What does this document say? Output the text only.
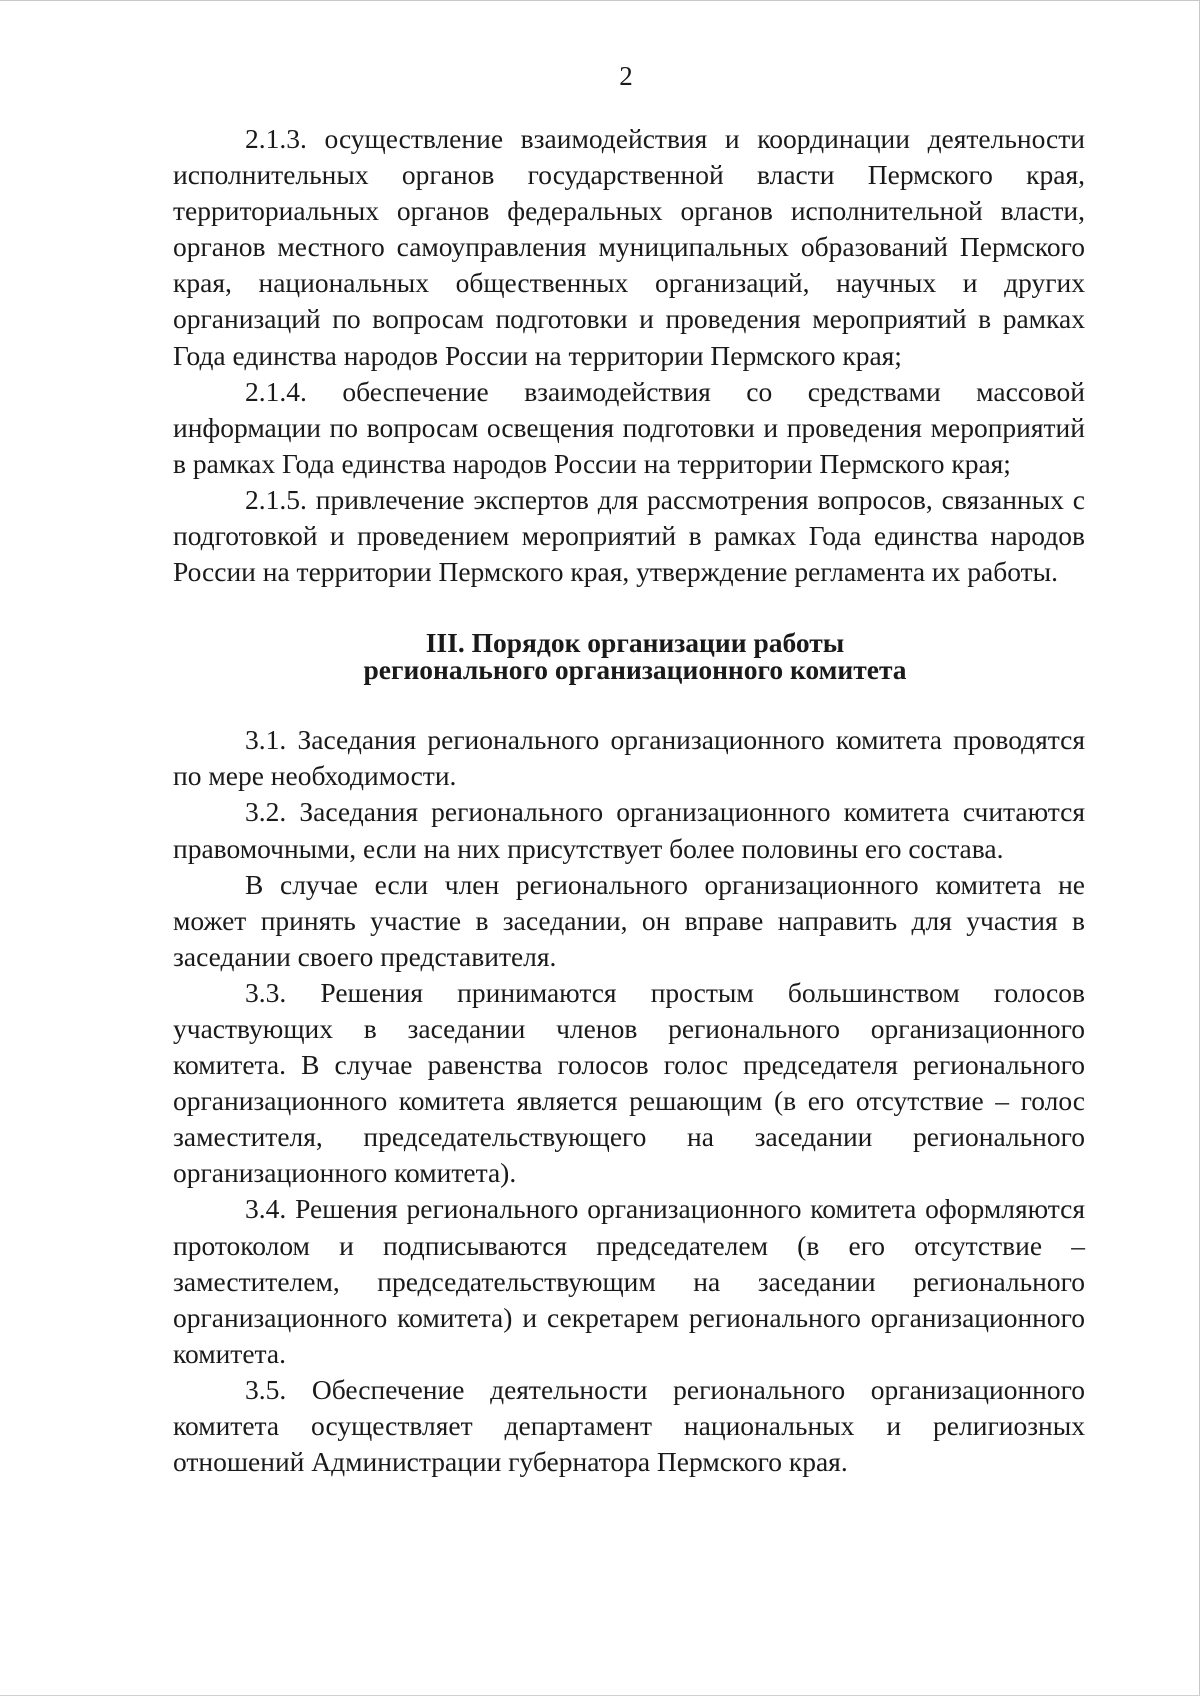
2

2.1.3. осуществление взаимодействия и координации деятельности исполнительных органов государственной власти Пермского края, территориальных органов федеральных органов исполнительной власти, органов местного самоуправления муниципальных образований Пермского края, национальных общественных организаций, научных и других организаций по вопросам подготовки и проведения мероприятий в рамках Года единства народов России на территории Пермского края;

2.1.4. обеспечение взаимодействия со средствами массовой информации по вопросам освещения подготовки и проведения мероприятий в рамках Года единства народов России на территории Пермского края;

2.1.5. привлечение экспертов для рассмотрения вопросов, связанных с подготовкой и проведением мероприятий в рамках Года единства народов России на территории Пермского края, утверждение регламента их работы.

III. Порядок организации работы
регионального организационного комитета

3.1. Заседания регионального организационного комитета проводятся по мере необходимости.

3.2. Заседания регионального организационного комитета считаются правомочными, если на них присутствует более половины его состава.

В случае если член регионального организационного комитета не может принять участие в заседании, он вправе направить для участия в заседании своего представителя.

3.3. Решения принимаются простым большинством голосов участвующих в заседании членов регионального организационного комитета. В случае равенства голосов голос председателя регионального организационного комитета является решающим (в его отсутствие – голос заместителя, председательствующего на заседании регионального организационного комитета).

3.4. Решения регионального организационного комитета оформляются протоколом и подписываются председателем (в его отсутствие – заместителем, председательствующим на заседании регионального организационного комитета) и секретарем регионального организационного комитета.

3.5. Обеспечение деятельности регионального организационного комитета осуществляет департамент национальных и религиозных отношений Администрации губернатора Пермского края.
